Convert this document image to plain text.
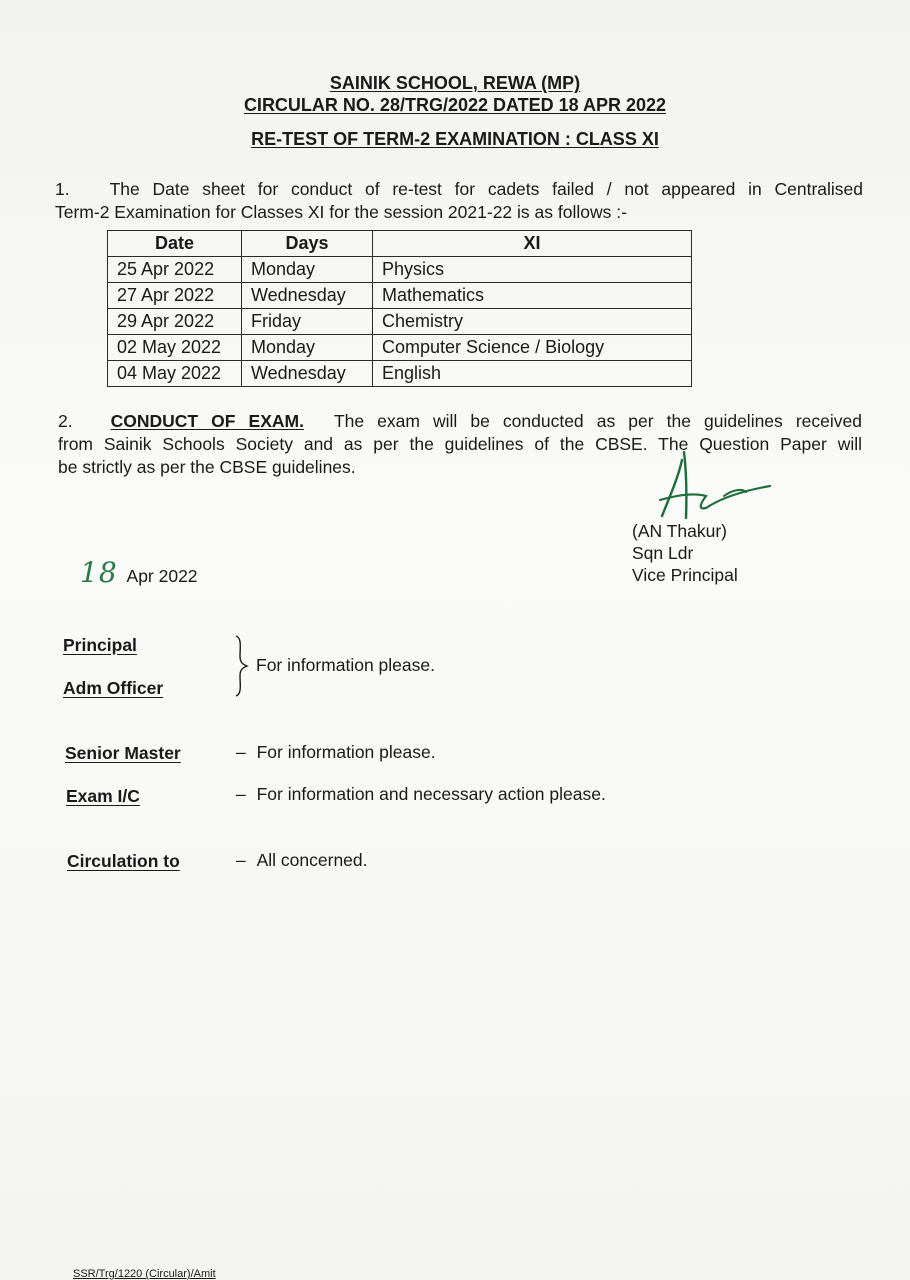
SAINIK SCHOOL, REWA (MP)
CIRCULAR NO. 28/TRG/2022 DATED 18 APR 2022
RE-TEST OF TERM-2 EXAMINATION : CLASS XI
1. The Date sheet for conduct of re-test for cadets failed / not appeared in Centralised
Term-2 Examination for Classes XI for the session 2021-22 is as follows :-
Date	Days	XI
25 Apr 2022	Monday	Physics
27 Apr 2022	Wednesday	Mathematics
29 Apr 2022	Friday	Chemistry
02 May 2022	Monday	Computer Science / Biology
04 May 2022	Wednesday	English
2. CONDUCT OF EXAM. The exam will be conducted as per the guidelines received
from Sainik Schools Society and as per the guidelines of the CBSE. The Question Paper will
be strictly as per the CBSE guidelines.
(AN Thakur)
Sqn Ldr
Vice Principal
18 Apr 2022
Principal
Adm Officer
For information please.
Senior Master	– For information please.
Exam I/C	– For information and necessary action please.
Circulation to	– All concerned.
SSR/Trg/1220 (Circular)/Amit
